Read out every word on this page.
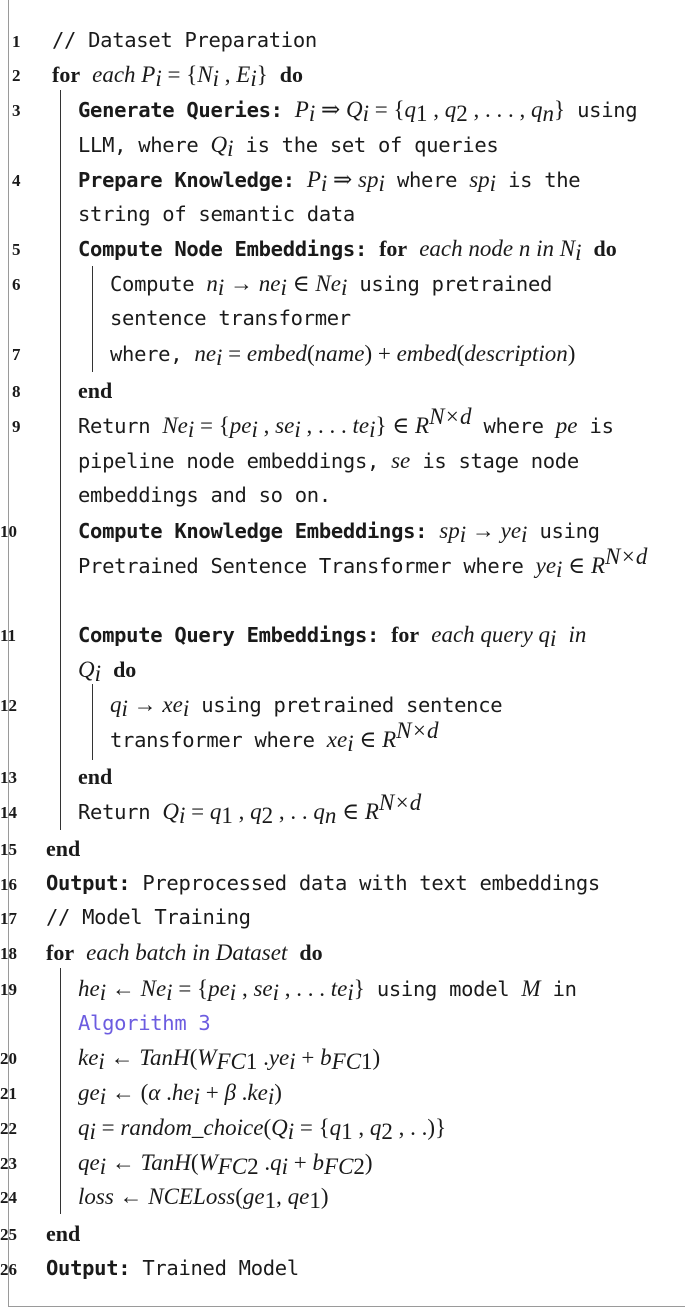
1
2
3
4
5
6
7
8
9
10
11
12
13
14
15
16
17
18
19
20
21
22
23
24
25
26
// Dataset Preparation
for each $P_i = \{N_i$ , $E_i$} do
Generate Queries: $P_i$ ⇒ $Q_i = \{q_1$ , $q_2$ , . . . , $q_n$} using
LLM, where $Q_i$ is the set of queries
Prepare Knowledge: $P_i$ ⇒ $sp_i$ where $sp_i$ is the
string of semantic data
Compute Node Embeddings: for each node n in $N_i$ do
Compute $n_i \to ne_i$ ∈ $Ne_i$ using pretrained
sentence transformer
where, $ne_i$ = embed(name) + embed(description)
end
Return $Ne_i = \{pe_i$ , $se_i$ , . . . $te_i$} ∈ $R^{N\times d}$ where pe is
pipeline node embeddings, se is stage node
embeddings and so on.
Compute Knowledge Embeddings: $sp_i \to ye_i$ using
Pretrained Sentence Transformer where $ye_i$ ∈ $R^{N\times d}$
Compute Query Embeddings: for each query $q_i$ in
$Q_i$ do
$q_i \to xe_i$ using pretrained sentence
transformer where $xe_i$ ∈ $R^{N\times d}$
end
Return $Q_i = q_1$ , $q_2$ , . . $q_n$ ∈ $R^{N\times d}$
end
Output: Preprocessed data with text embeddings
// Model Training
for each batch in Dataset do
$he_i$ ← $Ne_i = \{pe_i$ , $se_i$ , . . . $te_i$} using model M in
Algorithm 3
$ke_i$ ← $TanH(W_{FC1}$ $.ye_i + b_{FC1}$)
$ge_i$ ← (α $.he_i + \beta$ $.ke_i$)
$q_i$ = $random\_choice(Q_i = \{q_1$ , $q_2$ , . .)}
$qe_i$ ← $TanH(W_{FC2}$ $.q_i + b_{FC2}$)
loss ← $NCELoss(ge_1$, $qe_1$)
end
Output: Trained Model
